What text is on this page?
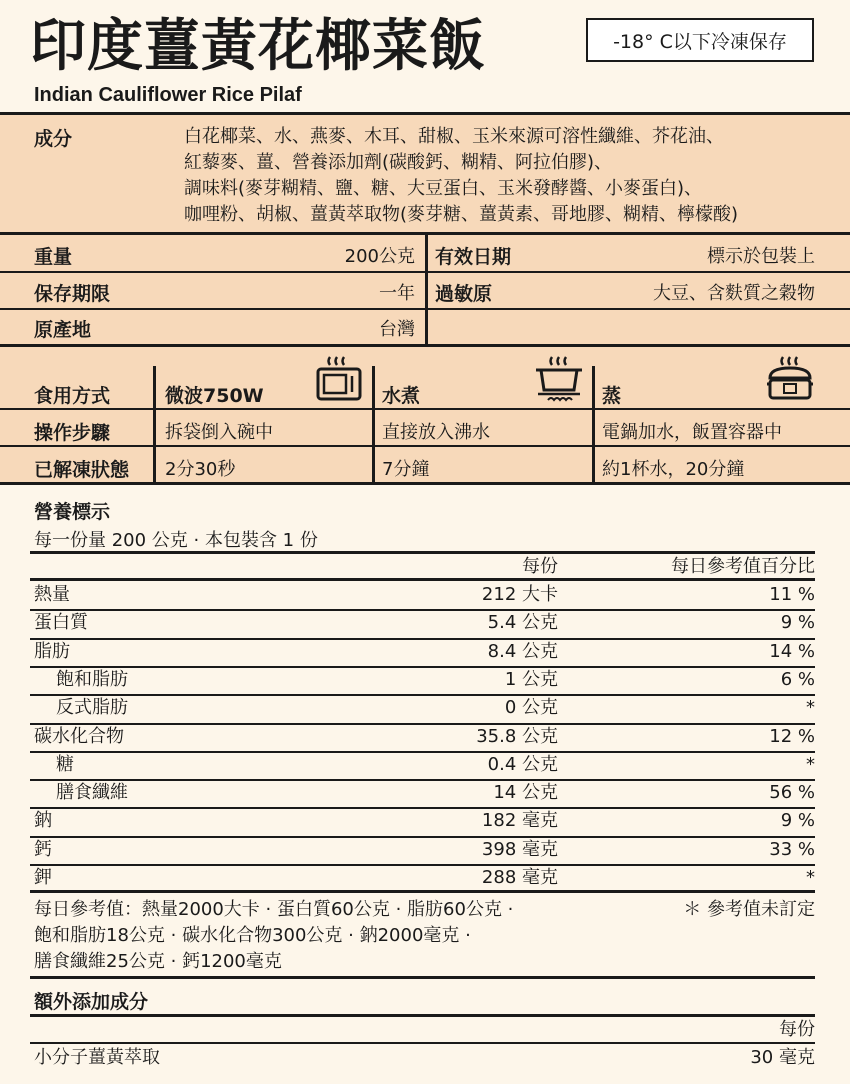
印度薑黃花椰菜飯
Indian Cauliflower Rice Pilaf
-18° C以下冷凍保存
成分	白花椰菜、水、燕麥、木耳、甜椒、玉米來源可溶性纖維、芥花油、
紅藜麥、薑、營養添加劑(碳酸鈣、糊精、阿拉伯膠)、
調味料(麥芽糊精、鹽、糖、大豆蛋白、玉米發酵醬、小麥蛋白)、
咖哩粉、胡椒、薑黃萃取物(麥芽糖、薑黃素、哥地膠、糊精、檸檬酸)
重量	200公克 有效日期	標示於包裝上
保存期限	一年 過敏原	大豆、含麩質之穀物
原產地	台灣
食用方式	微波750W	水煮	蒸
操作步驟	拆袋倒入碗中	直接放入沸水	電鍋加水，飯置容器中
已解凍狀態 2分30秒	7分鐘	約1杯水，20分鐘
營養標示
每一份量 200 公克 · 本包裝含 1 份
每份	每日參考值百分比
熱量	212 大卡	11 %
蛋白質	5.4 公克	9 %
脂肪	8.4 公克	14 %
飽和脂肪	1 公克	6 %
反式脂肪	0 公克	*
碳水化合物	35.8 公克	12 %
糖	0.4 公克	*
膳食纖維	14 公克	56 %
鈉	182 毫克	9 %
鈣	398 毫克	33 %
鉀	288 毫克	*
每日參考值：熱量2000大卡 · 蛋白質60公克 · 脂肪60公克 ·
飽和脂肪18公克 · 碳水化合物300公克 · 鈉2000毫克 ·
膳食纖維25公克 · 鈣1200毫克
＊ 參考值未訂定
額外添加成分
每份
小分子薑黃萃取	30 毫克
